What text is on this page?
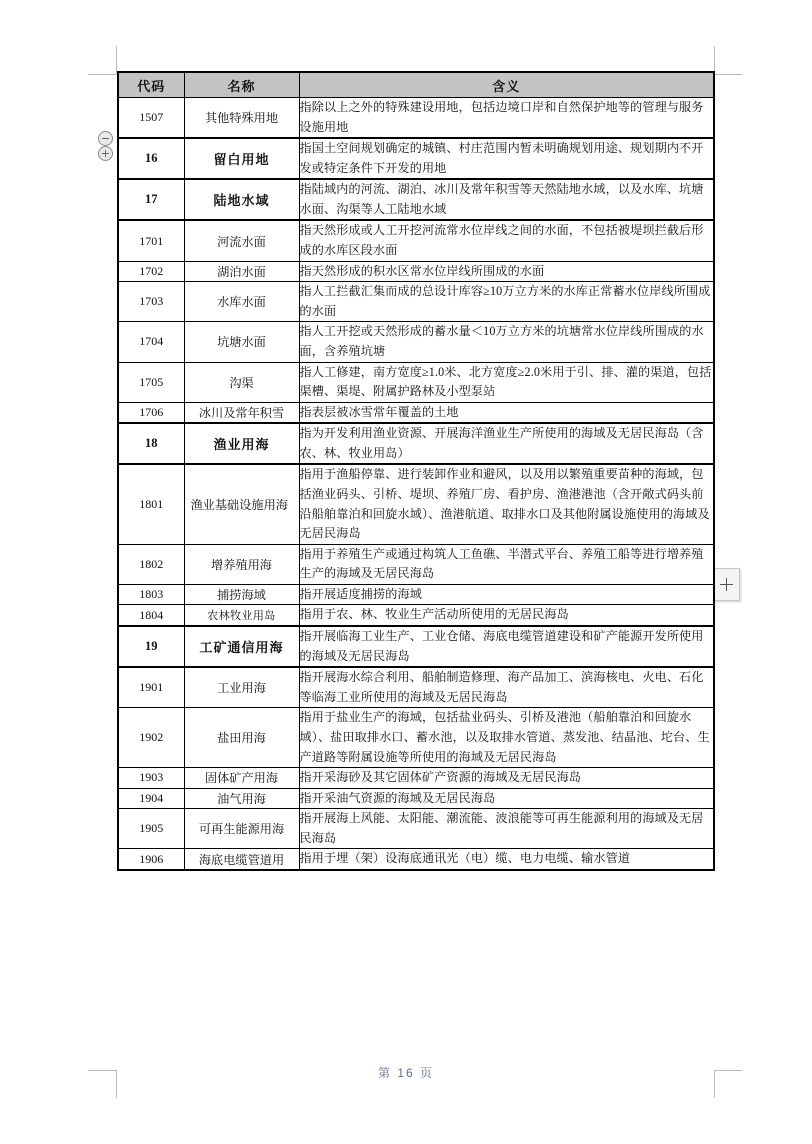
代码	名称	含义
1507	其他特殊用地	指除以上之外的特殊建设用地，包括边境口岸和自然保护地等的管理与服务设施用地
16	留白用地	指国土空间规划确定的城镇、村庄范围内暂未明确规划用途、规划期内不开发或特定条件下开发的用地
17	陆地水域	指陆域内的河流、湖泊、冰川及常年积雪等天然陆地水域，以及水库、坑塘水面、沟渠等人工陆地水域
1701	河流水面	指天然形成或人工开挖河流常水位岸线之间的水面，不包括被堤坝拦截后形成的水库区段水面
1702	湖泊水面	指天然形成的积水区常水位岸线所围成的水面
1703	水库水面	指人工拦截汇集而成的总设计库容≥10万立方米的水库正常蓄水位岸线所围成的水面
1704	坑塘水面	指人工开挖或天然形成的蓄水量＜10万立方米的坑塘常水位岸线所围成的水面，含养殖坑塘
1705	沟渠	指人工修建，南方宽度≥1.0米、北方宽度≥2.0米用于引、排、灌的渠道，包括渠槽、渠堤、附属护路林及小型泵站
1706	冰川及常年积雪	指表层被冰雪常年覆盖的土地
18	渔业用海	指为开发利用渔业资源、开展海洋渔业生产所使用的海域及无居民海岛（含农、林、牧业用岛）
1801	渔业基础设施用海	指用于渔船停靠、进行装卸作业和避风，以及用以繁殖重要苗种的海域，包括渔业码头、引桥、堤坝、养殖厂房、看护房、渔港港池（含开敞式码头前沿船舶靠泊和回旋水域）、渔港航道、取排水口及其他附属设施使用的海域及无居民海岛
1802	增养殖用海	指用于养殖生产或通过构筑人工鱼礁、半潜式平台、养殖工船等进行增养殖生产的海域及无居民海岛
1803	捕捞海域	指开展适度捕捞的海域
1804	农林牧业用岛	指用于农、林、牧业生产活动所使用的无居民海岛
19	工矿通信用海	指开展临海工业生产、工业仓储、海底电缆管道建设和矿产能源开发所使用的海域及无居民海岛
1901	工业用海	指开展海水综合利用、船舶制造修理、海产品加工、滨海核电、火电、石化等临海工业所使用的海域及无居民海岛
1902	盐田用海	指用于盐业生产的海域，包括盐业码头、引桥及港池（船舶靠泊和回旋水域）、盐田取排水口、蓄水池，以及取排水管道、蒸发池、结晶池、坨台、生产道路等附属设施等所使用的海域及无居民海岛
1903	固体矿产用海	指开采海砂及其它固体矿产资源的海域及无居民海岛
1904	油气用海	指开采油气资源的海域及无居民海岛
1905	可再生能源用海	指开展海上风能、太阳能、潮流能、波浪能等可再生能源利用的海域及无居民海岛
1906	海底电缆管道用	指用于埋（架）设海底通讯光（电）缆、电力电缆、输水管道
第 16 页
